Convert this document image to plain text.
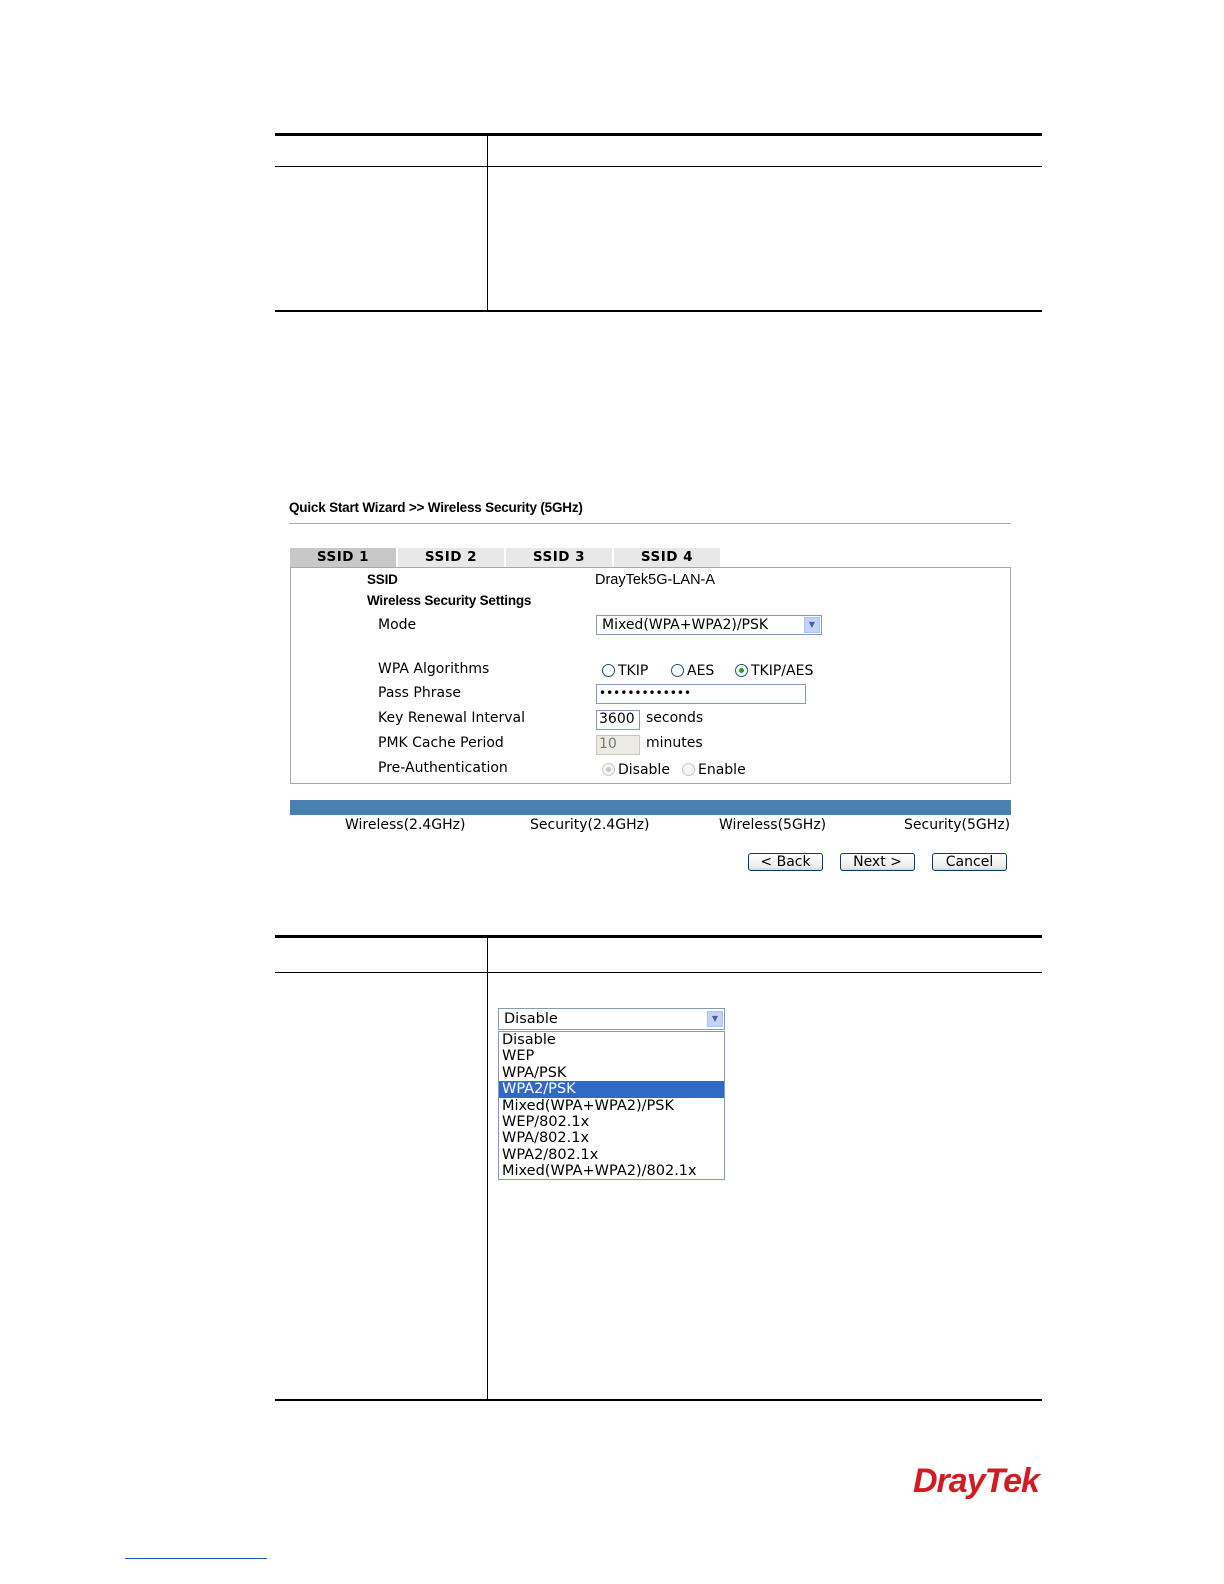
Quick Start Wizard >> Wireless Security (5GHz)
SSID 1	SSID 2	SSID 3	SSID 4
SSID	DrayTek5G-LAN-A
Wireless Security Settings
Mode	Mixed(WPA+WPA2)/PSK	▼
WPA Algorithms	TKIP	AES	TKIP/AES
Pass Phrase	•••••••••••••
Key Renewal Interval	3600 seconds
PMK Cache Period	10	minutes
Pre-Authentication	Disable Enable
Wireless(2.4GHz)	Security(2.4GHz)	Wireless(5GHz)	Security(5GHz)
< Back	Next >	Cancel
Disable	▼
Disable
WEP
WPA/PSK
WPA2/PSK
Mixed(WPA+WPA2)/PSK
WEP/802.1x
WPA/802.1x
WPA2/802.1x
Mixed(WPA+WPA2)/802.1x
DrayTek
